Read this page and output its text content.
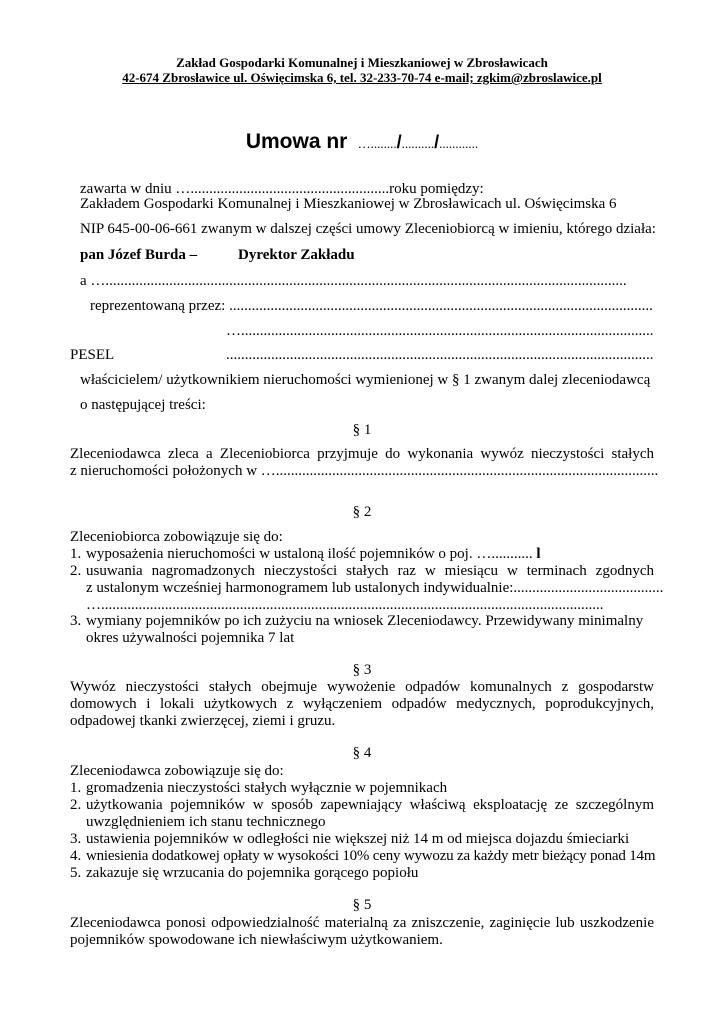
Zakład Gospodarki Komunalnej i Mieszkaniowej w Zbrosławicach
42-674 Zbrosławice ul. Oświęcimska 6, tel. 32-233-70-74 e-mail; zgkim@zbroslawice.pl
Umowa nr …......../........../............
zawarta w dniu ….....................................................roku pomiędzy:
Zakładem Gospodarki Komunalnej i Mieszkaniowej w Zbrosławicach ul. Oświęcimska 6
NIP 645-00-06-661 zwanym w dalszej części umowy Zleceniobiorcą w imieniu, którego działa:
pan Józef Burda –	Dyrektor Zakładu
a …...........................................................................................................................................
reprezentowaną przez: .................................................................................................................
…..............................................................................................................
PESEL	..................................................................................................................
właścicielem/ użytkownikiem nieruchomości wymienionej w § 1 zwanym dalej zleceniodawcą
o następującej treści:
§ 1
Zleceniodawca zleca a Zleceniobiorca przyjmuje do wykonania wywóz nieczystości stałych
z nieruchomości położonych w …......................................................................................................
§ 2
Zleceniobiorca zobowiązuje się do:
1. wyposażenia nieruchomości w ustaloną ilość pojemników o poj. …........... l
2. usuwania nagromadzonych nieczystości stałych raz w miesiącu w terminach zgodnych
z ustalonym wcześniej harmonogramem lub ustalonych indywidualnie:........................................
…......................................................................................................................................
3. wymiany pojemników po ich zużyciu na wniosek Zleceniodawcy. Przewidywany minimalny
okres używalności pojemnika 7 lat
§ 3
Wywóz nieczystości stałych obejmuje wywożenie odpadów komunalnych z gospodarstw
domowych i lokali użytkowych z wyłączeniem odpadów medycznych, poprodukcyjnych,
odpadowej tkanki zwierzęcej, ziemi i gruzu.
§ 4
Zleceniodawca zobowiązuje się do:
1. gromadzenia nieczystości stałych wyłącznie w pojemnikach
2. użytkowania pojemników w sposób zapewniający właściwą eksploatację ze szczególnym
uwzględnieniem ich stanu technicznego
3. ustawienia pojemników w odległości nie większej niż 14 m od miejsca dojazdu śmieciarki
4. wniesienia dodatkowej opłaty w wysokości 10% ceny wywozu za każdy metr bieżący ponad 14m
5. zakazuje się wrzucania do pojemnika gorącego popiołu
§ 5
Zleceniodawca ponosi odpowiedzialność materialną za zniszczenie, zaginięcie lub uszkodzenie
pojemników spowodowane ich niewłaściwym użytkowaniem.
